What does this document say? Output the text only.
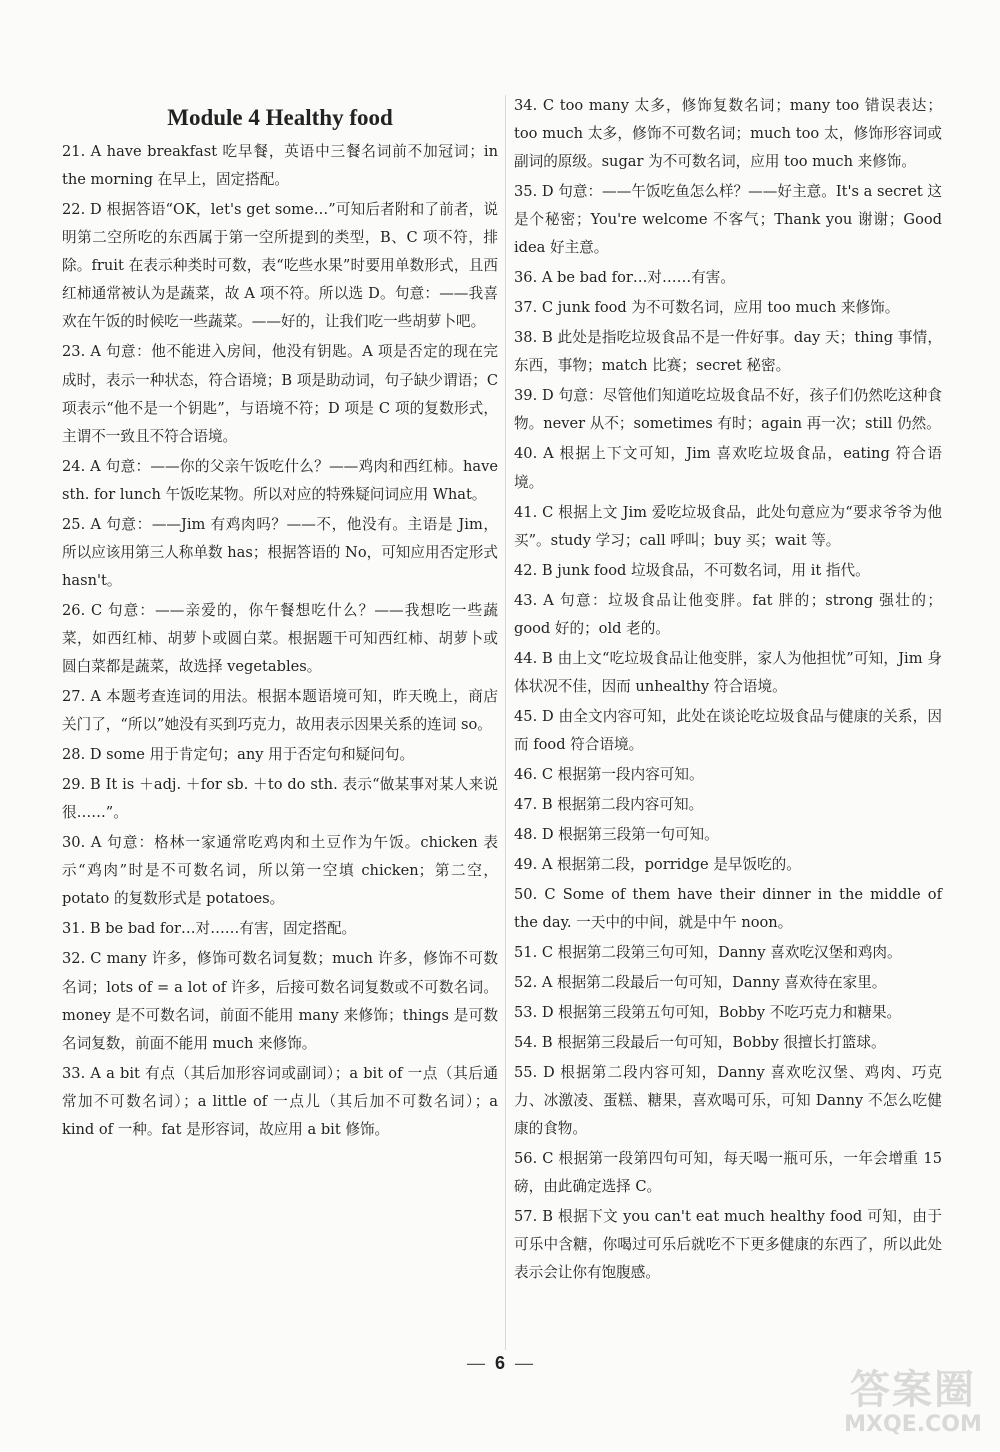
Module 4 Healthy food
21. A have breakfast 吃早餐，英语中三餐名词前不加冠词；in the morning 在早上，固定搭配。
22. D 根据答语“OK，let's get some…”可知后者附和了前者，说明第二空所吃的东西属于第一空所提到的类型，B、C 项不符，排除。fruit 在表示种类时可数，表“吃些水果”时要用单数形式，且西红柿通常被认为是蔬菜，故 A 项不符。所以选 D。句意：——我喜欢在午饭的时候吃一些蔬菜。——好的，让我们吃一些胡萝卜吧。
23. A 句意：他不能进入房间，他没有钥匙。A 项是否定的现在完成时，表示一种状态，符合语境；B 项是助动词，句子缺少谓语；C 项表示“他不是一个钥匙”，与语境不符；D 项是 C 项的复数形式，主谓不一致且不符合语境。
24. A 句意：——你的父亲午饭吃什么？——鸡肉和西红柿。have sth. for lunch 午饭吃某物。所以对应的特殊疑问词应用 What。
25. A 句意：——Jim 有鸡肉吗？——不，他没有。主语是 Jim，所以应该用第三人称单数 has；根据答语的 No，可知应用否定形式 hasn't。
26. C 句意：——亲爱的，你午餐想吃什么？——我想吃一些蔬菜，如西红柿、胡萝卜或圆白菜。根据题干可知西红柿、胡萝卜或圆白菜都是蔬菜，故选择 vegetables。
27. A 本题考查连词的用法。根据本题语境可知，昨天晚上，商店关门了，“所以”她没有买到巧克力，故用表示因果关系的连词 so。
28. D some 用于肯定句；any 用于否定句和疑问句。
29. B It is ＋adj. ＋for sb. ＋to do sth. 表示“做某事对某人来说很……”。
30. A 句意：格林一家通常吃鸡肉和土豆作为午饭。chicken 表示“鸡肉”时是不可数名词，所以第一空填 chicken；第二空，potato 的复数形式是 potatoes。
31. B be bad for…对……有害，固定搭配。
32. C many 许多，修饰可数名词复数；much 许多，修饰不可数名词；lots of = a lot of 许多，后接可数名词复数或不可数名词。money 是不可数名词，前面不能用 many 来修饰；things 是可数名词复数，前面不能用 much 来修饰。
33. A a bit 有点（其后加形容词或副词）；a bit of 一点（其后通常加不可数名词）；a little of 一点儿（其后加不可数名词）；a kind of 一种。fat 是形容词，故应用 a bit 修饰。
34. C too many 太多，修饰复数名词；many too 错误表达；too much 太多，修饰不可数名词；much too 太，修饰形容词或副词的原级。sugar 为不可数名词，应用 too much 来修饰。
35. D 句意：——午饭吃鱼怎么样？——好主意。It's a secret 这是个秘密；You're welcome 不客气；Thank you 谢谢；Good idea 好主意。
36. A be bad for…对……有害。
37. C junk food 为不可数名词，应用 too much 来修饰。
38. B 此处是指吃垃圾食品不是一件好事。day 天；thing 事情，东西，事物；match 比赛；secret 秘密。
39. D 句意：尽管他们知道吃垃圾食品不好，孩子们仍然吃这种食物。never 从不；sometimes 有时；again 再一次；still 仍然。
40. A 根据上下文可知，Jim 喜欢吃垃圾食品，eating 符合语境。
41. C 根据上文 Jim 爱吃垃圾食品，此处句意应为“要求爷爷为他买”。study 学习；call 呼叫；buy 买；wait 等。
42. B junk food 垃圾食品，不可数名词，用 it 指代。
43. A 句意：垃圾食品让他变胖。fat 胖的；strong 强壮的；good 好的；old 老的。
44. B 由上文“吃垃圾食品让他变胖，家人为他担忧”可知，Jim 身体状况不佳，因而 unhealthy 符合语境。
45. D 由全文内容可知，此处在谈论吃垃圾食品与健康的关系，因而 food 符合语境。
46. C 根据第一段内容可知。
47. B 根据第二段内容可知。
48. D 根据第三段第一句可知。
49. A 根据第二段，porridge 是早饭吃的。
50. C Some of them have their dinner in the middle of the day. 一天中的中间，就是中午 noon。
51. C 根据第二段第三句可知，Danny 喜欢吃汉堡和鸡肉。
52. A 根据第二段最后一句可知，Danny 喜欢待在家里。
53. D 根据第三段第五句可知，Bobby 不吃巧克力和糖果。
54. B 根据第三段最后一句可知，Bobby 很擅长打篮球。
55. D 根据第二段内容可知，Danny 喜欢吃汉堡、鸡肉、巧克力、冰激凌、蛋糕、糖果，喜欢喝可乐，可知 Danny 不怎么吃健康的食物。
56. C 根据第一段第四句可知，每天喝一瓶可乐，一年会增重 15 磅，由此确定选择 C。
57. B 根据下文 you can't eat much healthy food 可知，由于可乐中含糖，你喝过可乐后就吃不下更多健康的东西了，所以此处表示会让你有饱腹感。
— 6 —
答案圈
MXQE.COM
